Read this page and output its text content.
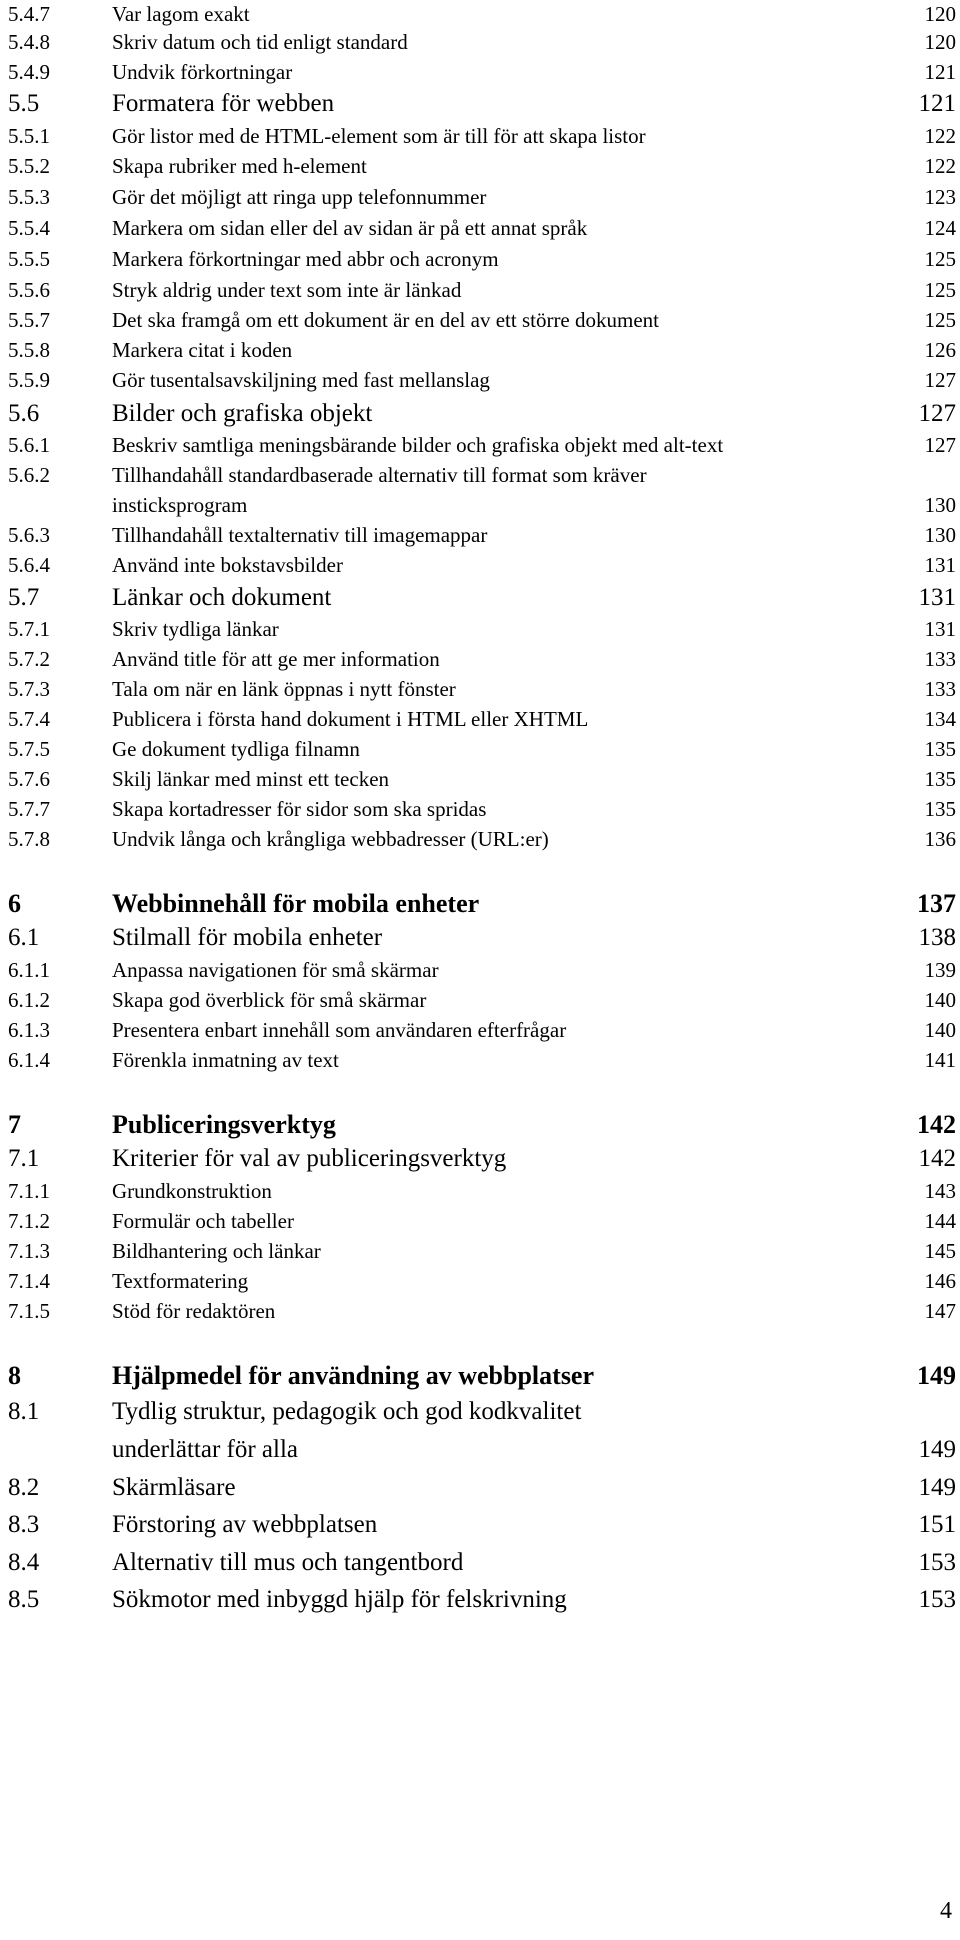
5.4.7	Var lagom exakt	120
5.4.8	Skriv datum och tid enligt standard	120
5.4.9	Undvik förkortningar	121
5.5	Formatera för webben	121
5.5.1	Gör listor med de HTML-element som är till för att skapa listor	122
5.5.2	Skapa rubriker med h-element	122
5.5.3	Gör det möjligt att ringa upp telefonnummer	123
5.5.4	Markera om sidan eller del av sidan är på ett annat språk	124
5.5.5	Markera förkortningar med abbr och acronym	125
5.5.6	Stryk aldrig under text som inte är länkad	125
5.5.7	Det ska framgå om ett dokument är en del av ett större dokument	125
5.5.8	Markera citat i koden	126
5.5.9	Gör tusentalsavskiljning med fast mellanslag	127
5.6	Bilder och grafiska objekt	127
5.6.1	Beskriv samtliga meningsbärande bilder och grafiska objekt med alt-text	127
5.6.2	Tillhandahåll standardbaserade alternativ till format som kräver
insticksprogram	130
5.6.3	Tillhandahåll textalternativ till imagemappar	130
5.6.4	Använd inte bokstavsbilder	131
5.7	Länkar och dokument	131
5.7.1	Skriv tydliga länkar	131
5.7.2	Använd title för att ge mer information	133
5.7.3	Tala om när en länk öppnas i nytt fönster	133
5.7.4	Publicera i första hand dokument i HTML eller XHTML	134
5.7.5	Ge dokument tydliga filnamn	135
5.7.6	Skilj länkar med minst ett tecken	135
5.7.7	Skapa kortadresser för sidor som ska spridas	135
5.7.8	Undvik långa och krångliga webbadresser (URL:er)	136
6	Webbinnehåll för mobila enheter	137
6.1	Stilmall för mobila enheter	138
6.1.1	Anpassa navigationen för små skärmar	139
6.1.2	Skapa god överblick för små skärmar	140
6.1.3	Presentera enbart innehåll som användaren efterfrågar	140
6.1.4	Förenkla inmatning av text	141
7	Publiceringsverktyg	142
7.1	Kriterier för val av publiceringsverktyg	142
7.1.1	Grundkonstruktion	143
7.1.2	Formulär och tabeller	144
7.1.3	Bildhantering och länkar	145
7.1.4	Textformatering	146
7.1.5	Stöd för redaktören	147
8	Hjälpmedel för användning av webbplatser	149
8.1	Tydlig struktur, pedagogik och god kodkvalitet
underlättar för alla	149
8.2	Skärmläsare	149
8.3	Förstoring av webbplatsen	151
8.4	Alternativ till mus och tangentbord	153
8.5	Sökmotor med inbyggd hjälp för felskrivning	153
4
